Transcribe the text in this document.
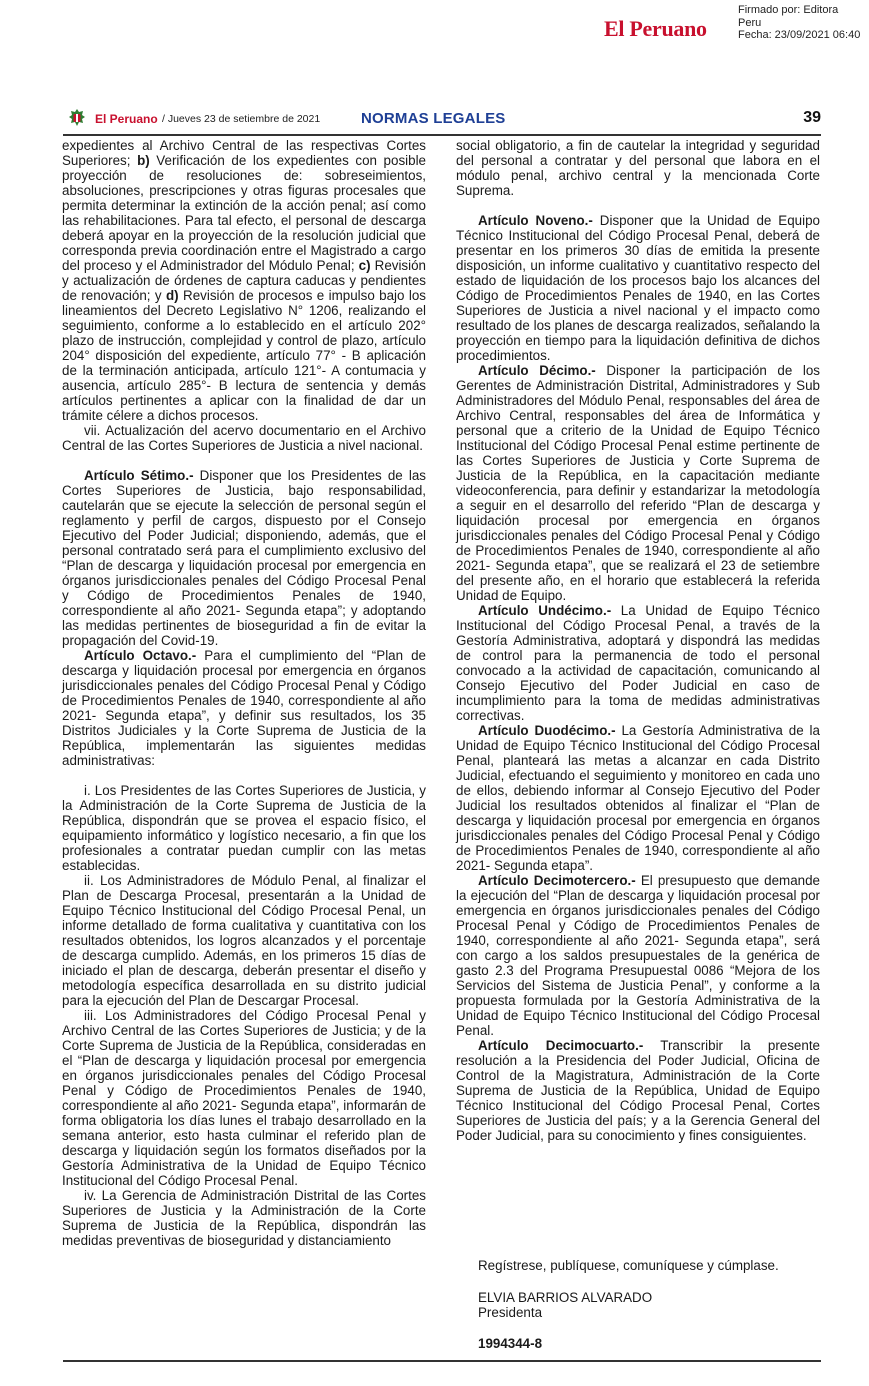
El Peruano
Firmado por: Editora
Peru
Fecha: 23/09/2021 06:40
El Peruano / Jueves 23 de setiembre de 2021	NORMAS LEGALES	39

expedientes al Archivo Central de las respectivas Cortes Superiores; b) Verificación de los expedientes con posible proyección de resoluciones de: sobreseimientos, absoluciones, prescripciones y otras figuras procesales que permita determinar la extinción de la acción penal; así como las rehabilitaciones. Para tal efecto, el personal de descarga deberá apoyar en la proyección de la resolución judicial que corresponda previa coordinación entre el Magistrado a cargo del proceso y el Administrador del Módulo Penal; c) Revisión y actualización de órdenes de captura caducas y pendientes de renovación; y d) Revisión de procesos e impulso bajo los lineamientos del Decreto Legislativo N° 1206, realizando el seguimiento, conforme a lo establecido en el artículo 202° plazo de instrucción, complejidad y control de plazo, artículo 204° disposición del expediente, artículo 77° - B aplicación de la terminación anticipada, artículo 121°- A contumacia y ausencia, artículo 285°- B lectura de sentencia y demás artículos pertinentes a aplicar con la finalidad de dar un trámite célere a dichos procesos.

vii. Actualización del acervo documentario en el Archivo Central de las Cortes Superiores de Justicia a nivel nacional.

Artículo Sétimo.- Disponer que los Presidentes de las Cortes Superiores de Justicia, bajo responsabilidad, cautelarán que se ejecute la selección de personal según el reglamento y perfil de cargos, dispuesto por el Consejo Ejecutivo del Poder Judicial; disponiendo, además, que el personal contratado será para el cumplimiento exclusivo del “Plan de descarga y liquidación procesal por emergencia en órganos jurisdiccionales penales del Código Procesal Penal y Código de Procedimientos Penales de 1940, correspondiente al año 2021- Segunda etapa”; y adoptando las medidas pertinentes de bioseguridad a fin de evitar la propagación del Covid-19.

Artículo Octavo.- Para el cumplimiento del “Plan de descarga y liquidación procesal por emergencia en órganos jurisdiccionales penales del Código Procesal Penal y Código de Procedimientos Penales de 1940, correspondiente al año 2021- Segunda etapa”, y definir sus resultados, los 35 Distritos Judiciales y la Corte Suprema de Justicia de la República, implementarán las siguientes medidas administrativas:

i. Los Presidentes de las Cortes Superiores de Justicia, y la Administración de la Corte Suprema de Justicia de la República, dispondrán que se provea el espacio físico, el equipamiento informático y logístico necesario, a fin que los profesionales a contratar puedan cumplir con las metas establecidas.

ii. Los Administradores de Módulo Penal, al finalizar el Plan de Descarga Procesal, presentarán a la Unidad de Equipo Técnico Institucional del Código Procesal Penal, un informe detallado de forma cualitativa y cuantitativa con los resultados obtenidos, los logros alcanzados y el porcentaje de descarga cumplido. Además, en los primeros 15 días de iniciado el plan de descarga, deberán presentar el diseño y metodología específica desarrollada en su distrito judicial para la ejecución del Plan de Descargar Procesal.

iii. Los Administradores del Código Procesal Penal y Archivo Central de las Cortes Superiores de Justicia; y de la Corte Suprema de Justicia de la República, consideradas en el “Plan de descarga y liquidación procesal por emergencia en órganos jurisdiccionales penales del Código Procesal Penal y Código de Procedimientos Penales de 1940, correspondiente al año 2021- Segunda etapa”, informarán de forma obligatoria los días lunes el trabajo desarrollado en la semana anterior, esto hasta culminar el referido plan de descarga y liquidación según los formatos diseñados por la Gestoría Administrativa de la Unidad de Equipo Técnico Institucional del Código Procesal Penal.

iv. La Gerencia de Administración Distrital de las Cortes Superiores de Justicia y la Administración de la Corte Suprema de Justicia de la República, dispondrán las medidas preventivas de bioseguridad y distanciamiento

social obligatorio, a fin de cautelar la integridad y seguridad del personal a contratar y del personal que labora en el módulo penal, archivo central y la mencionada Corte Suprema.

Artículo Noveno.- Disponer que la Unidad de Equipo Técnico Institucional del Código Procesal Penal, deberá de presentar en los primeros 30 días de emitida la presente disposición, un informe cualitativo y cuantitativo respecto del estado de liquidación de los procesos bajo los alcances del Código de Procedimientos Penales de 1940, en las Cortes Superiores de Justicia a nivel nacional y el impacto como resultado de los planes de descarga realizados, señalando la proyección en tiempo para la liquidación definitiva de dichos procedimientos.

Artículo Décimo.- Disponer la participación de los Gerentes de Administración Distrital, Administradores y Sub Administradores del Módulo Penal, responsables del área de Archivo Central, responsables del área de Informática y personal que a criterio de la Unidad de Equipo Técnico Institucional del Código Procesal Penal estime pertinente de las Cortes Superiores de Justicia y Corte Suprema de Justicia de la República, en la capacitación mediante videoconferencia, para definir y estandarizar la metodología a seguir en el desarrollo del referido “Plan de descarga y liquidación procesal por emergencia en órganos jurisdiccionales penales del Código Procesal Penal y Código de Procedimientos Penales de 1940, correspondiente al año 2021- Segunda etapa”, que se realizará el 23 de setiembre del presente año, en el horario que establecerá la referida Unidad de Equipo.

Artículo Undécimo.- La Unidad de Equipo Técnico Institucional del Código Procesal Penal, a través de la Gestoría Administrativa, adoptará y dispondrá las medidas de control para la permanencia de todo el personal convocado a la actividad de capacitación, comunicando al Consejo Ejecutivo del Poder Judicial en caso de incumplimiento para la toma de medidas administrativas correctivas.

Artículo Duodécimo.- La Gestoría Administrativa de la Unidad de Equipo Técnico Institucional del Código Procesal Penal, planteará las metas a alcanzar en cada Distrito Judicial, efectuando el seguimiento y monitoreo en cada uno de ellos, debiendo informar al Consejo Ejecutivo del Poder Judicial los resultados obtenidos al finalizar el “Plan de descarga y liquidación procesal por emergencia en órganos jurisdiccionales penales del Código Procesal Penal y Código de Procedimientos Penales de 1940, correspondiente al año 2021- Segunda etapa”.

Artículo Decimotercero.- El presupuesto que demande la ejecución del “Plan de descarga y liquidación procesal por emergencia en órganos jurisdiccionales penales del Código Procesal Penal y Código de Procedimientos Penales de 1940, correspondiente al año 2021- Segunda etapa”, será con cargo a los saldos presupuestales de la genérica de gasto 2.3 del Programa Presupuestal 0086 “Mejora de los Servicios del Sistema de Justicia Penal”, y conforme a la propuesta formulada por la Gestoría Administrativa de la Unidad de Equipo Técnico Institucional del Código Procesal Penal.

Artículo Decimocuarto.- Transcribir la presente resolución a la Presidencia del Poder Judicial, Oficina de Control de la Magistratura, Administración de la Corte Suprema de Justicia de la República, Unidad de Equipo Técnico Institucional del Código Procesal Penal, Cortes Superiores de Justicia del país; y a la Gerencia General del Poder Judicial, para su conocimiento y fines consiguientes.

Regístrese, publíquese, comuníquese y cúmplase.
ELVIA BARRIOS ALVARADO
Presidenta
1994344-8
